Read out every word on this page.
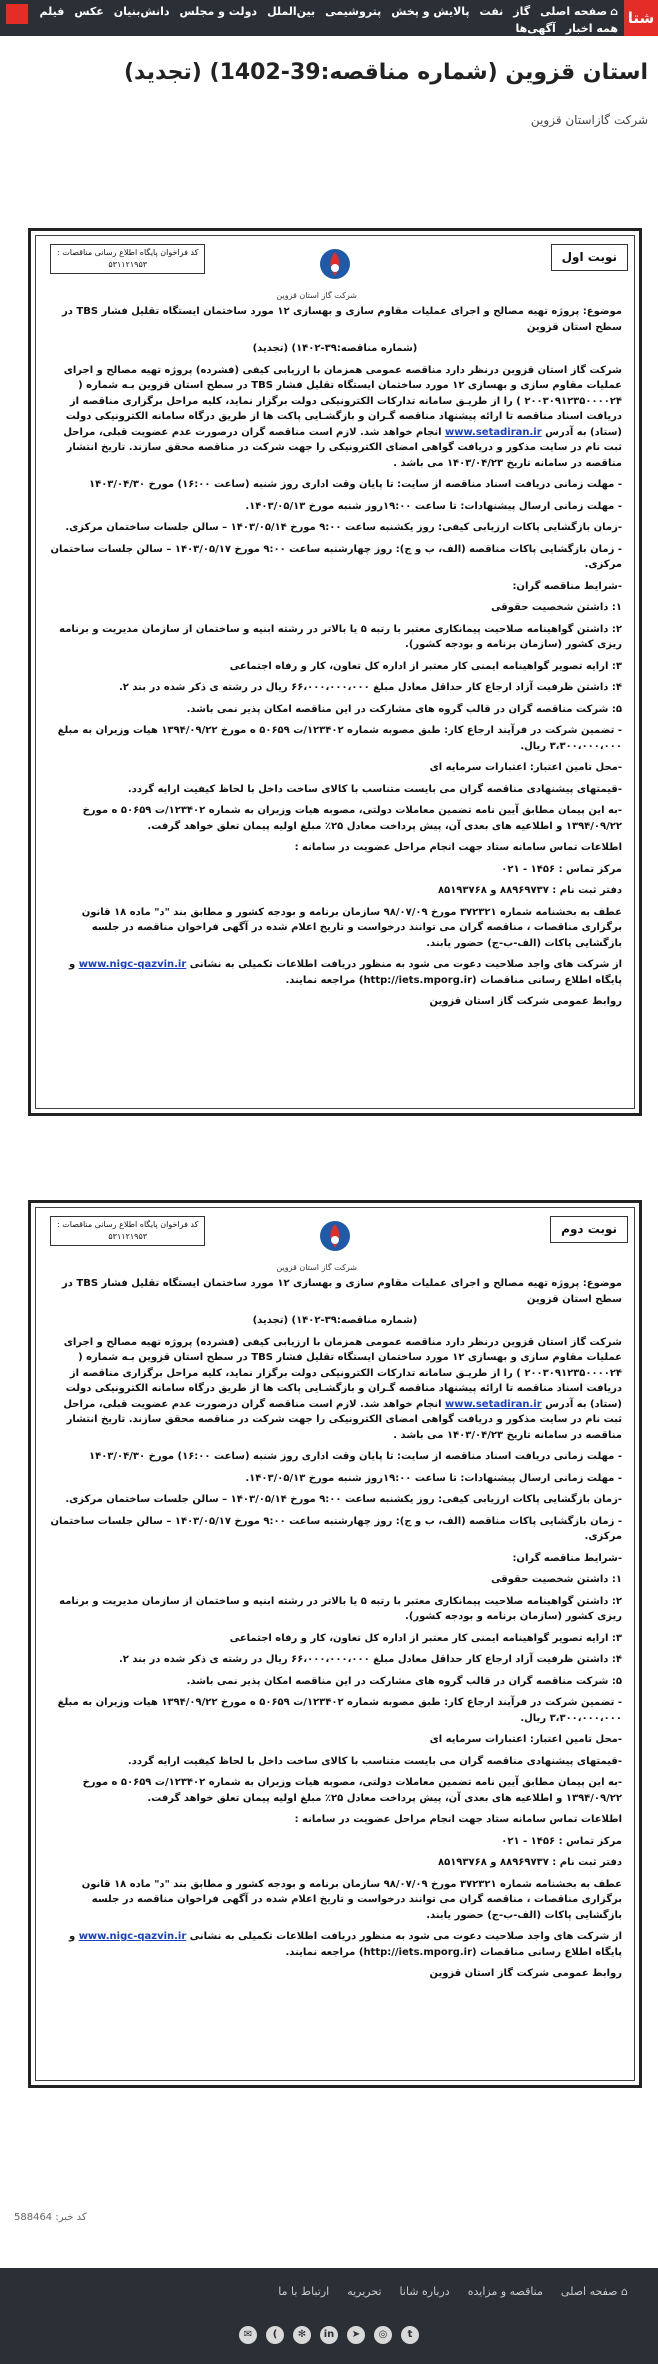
شتا
⌂
صفحه اصلی
گاز
نفت
پالایش و پخش
پتروشیمی
بین‌الملل
دولت و مجلس
دانش‌بنیان
عکس
فیلم
همه اخبار
آگهی‌ها
استان قزوین (شماره مناقصه:39-1402) (تجدید)
شرکت گازاستان قزوین
نوبت اول
کد فراخوان پایگاه اطلاع رسانی مناقصات :
۵۳۱۱۲۱۹۵۳
شرکت گاز استان قزوین

موضوع: پروژه تهیه مصالح و اجرای عملیات مقاوم سازی و بهسازی ۱۲ مورد ساختمان ایستگاه تقلیل فشار TBS در سطح استان قزوین

(شماره مناقصه:۳۹-۱۴۰۲) (تجدید)

شرکت گاز استان قزوین درنظر دارد مناقصه عمومی همزمان با ارزیابی کیفی (فشرده) پروژه تهیه مصالح و اجرای عملیات مقاوم سازی و بهسازی ۱۲ مورد ساختمان ایستگاه تقلیل فشار TBS در سطح استان قزوین بـه شماره ( ۲۰۰۳۰۹۱۲۳۵۰۰۰۰۲۴ ) را از طریـق سامانه تدارکات الکترونیکی دولت برگزار نماید، کلیه مراحل برگزاری مناقصه از دریافت اسناد مناقصه تا ارائه پیشنهاد مناقصه گـران و بازگشـایی پاکت ها از طریق درگاه سامانه الکترونیکی دولت (ستاد) به آدرس www.setadiran.ir انجام خواهد شد. لازم است مناقصه گران درصورت عدم عضویت قبلی، مراحل ثبت نام در سایت مذکور و دریافت گواهی امضای الکترونیکی را جهت شرکت در مناقصه محقق سازند. تاریخ انتشار مناقصه در سامانه تاریخ ۱۴۰۳/۰۴/۲۳ می باشد .

- مهلت زمانی دریافت اسناد مناقصه از سایت: تا پایان وقت اداری روز شنبه (ساعت ۱۶:۰۰) مورخ ۱۴۰۳/۰۴/۳۰

- مهلت زمانی ارسال پیشنهادات: تا ساعت ۱۹:۰۰روز شنبه مورخ ۱۴۰۳/۰۵/۱۳.

-زمان بازگشایی پاکات ارزیابی کیفی: روز یکشنبه ساعت ۹:۰۰ مورخ ۱۴۰۳/۰۵/۱۴ – سالن جلسات ساختمان مرکزی.

- زمان بازگشایی پاکات مناقصه (الف، ب و ج): روز چهارشنبه ساعت ۹:۰۰ مورخ ۱۴۰۳/۰۵/۱۷ – سالن جلسات ساختمان مرکزی.

-شرایط مناقصه گران:

۱: داشتن شخصیت حقوقی

۲: داشتن گواهینامه صلاحیت پیمانکاری معتبر با رتبه ۵ یا بالاتر در رشته ابنیه و ساختمان از سازمان مدیریت و برنامه ریزی کشور (سازمان برنامه و بودجه کشور).

۳: ارایه تصویر گواهینامه ایمنی کار معتبر از اداره کل تعاون، کار و رفاه اجتماعی

۴: داشتن ظرفیت آزاد ارجاع کار حداقل معادل مبلغ ۶۶،۰۰۰،۰۰۰،۰۰۰ ریال در رشته ی ذکر شده در بند ۲.

۵: شرکت مناقصه گران در قالب گروه های مشارکت در این مناقصه امکان پذیر نمی باشد.

- تضمین شرکت در فرآیند ارجاع کار: طبق مصوبه شماره ۱۲۳۴۰۲/ت ۵۰۶۵۹ ه مورخ ۱۳۹۴/۰۹/۲۲ هیات وزیران به مبلغ ۳،۳۰۰،۰۰۰،۰۰۰ ریال.

-محل تامین اعتبار: اعتبارات سرمایه ای

-قیمتهای پیشنهادی مناقصه گران می بایست متناسب با کالای ساخت داخل با لحاظ کیفیت ارایه گردد.

-به این پیمان مطابق آیین نامه تضمین معاملات دولتی، مصوبه هیات وزیران به شماره ۱۲۳۴۰۲/ت ۵۰۶۵۹ ه مورخ ۱۳۹۴/۰۹/۲۲ و اطلاعیه های بعدی آن، پیش پرداخت معادل ۲۵٪ مبلغ اولیه پیمان تعلق خواهد گرفت.

اطلاعات تماس سامانه ستاد جهت انجام مراحل عضویت در سامانه :

مرکز تماس : ۱۴۵۶ - ۰۲۱

دفتر ثبت نام : ۸۸۹۶۹۷۳۷ و ۸۵۱۹۳۷۶۸

عطف به بخشنامه شماره ۳۷۲۳۲۱ مورخ ۹۸/۰۷/۰۹ سازمان برنامه و بودجه کشور و مطابق بند "د" ماده ۱۸ قانون برگزاری مناقصات ، مناقصه گران می توانند درخواست و تاریخ اعلام شده در آگهی فراخوان مناقصه در جلسه بازگشایی پاکات (الف-ب-ج) حضور یابند.

از شرکت های واجد صلاحیت دعوت می شود به منظور دریافت اطلاعات تکمیلی به نشانی www.nigc-qazvin.ir و پایگاه اطلاع رسانی مناقصات (http://iets.mporg.ir) مراجعه نمایند.

روابط عمومی شرکت گاز استان قزوین

نوبت دوم
کد فراخوان پایگاه اطلاع رسانی مناقصات :
۵۳۱۱۲۱۹۵۳
شرکت گاز استان قزوین

موضوع: پروژه تهیه مصالح و اجرای عملیات مقاوم سازی و بهسازی ۱۲ مورد ساختمان ایستگاه تقلیل فشار TBS در سطح استان قزوین

(شماره مناقصه:۳۹-۱۴۰۲) (تجدید)

شرکت گاز استان قزوین درنظر دارد مناقصه عمومی همزمان با ارزیابی کیفی (فشرده) پروژه تهیه مصالح و اجرای عملیات مقاوم سازی و بهسازی ۱۲ مورد ساختمان ایستگاه تقلیل فشار TBS در سطح استان قزوین بـه شماره ( ۲۰۰۳۰۹۱۲۳۵۰۰۰۰۲۴ ) را از طریـق سامانه تدارکات الکترونیکی دولت برگزار نماید، کلیه مراحل برگزاری مناقصه از دریافت اسناد مناقصه تا ارائه پیشنهاد مناقصه گـران و بازگشـایی پاکت ها از طریق درگاه سامانه الکترونیکی دولت (ستاد) به آدرس www.setadiran.ir انجام خواهد شد. لازم است مناقصه گران درصورت عدم عضویت قبلی، مراحل ثبت نام در سایت مذکور و دریافت گواهی امضای الکترونیکی را جهت شرکت در مناقصه محقق سازند. تاریخ انتشار مناقصه در سامانه تاریخ ۱۴۰۳/۰۴/۲۳ می باشد .

- مهلت زمانی دریافت اسناد مناقصه از سایت: تا پایان وقت اداری روز شنبه (ساعت ۱۶:۰۰) مورخ ۱۴۰۳/۰۴/۳۰

- مهلت زمانی ارسال پیشنهادات: تا ساعت ۱۹:۰۰روز شنبه مورخ ۱۴۰۳/۰۵/۱۳.

-زمان بازگشایی پاکات ارزیابی کیفی: روز یکشنبه ساعت ۹:۰۰ مورخ ۱۴۰۳/۰۵/۱۴ – سالن جلسات ساختمان مرکزی.

- زمان بازگشایی پاکات مناقصه (الف، ب و ج): روز چهارشنبه ساعت ۹:۰۰ مورخ ۱۴۰۳/۰۵/۱۷ – سالن جلسات ساختمان مرکزی.

-شرایط مناقصه گران:

۱: داشتن شخصیت حقوقی

۲: داشتن گواهینامه صلاحیت پیمانکاری معتبر با رتبه ۵ یا بالاتر در رشته ابنیه و ساختمان از سازمان مدیریت و برنامه ریزی کشور (سازمان برنامه و بودجه کشور).

۳: ارایه تصویر گواهینامه ایمنی کار معتبر از اداره کل تعاون، کار و رفاه اجتماعی

۴: داشتن ظرفیت آزاد ارجاع کار حداقل معادل مبلغ ۶۶،۰۰۰،۰۰۰،۰۰۰ ریال در رشته ی ذکر شده در بند ۲.

۵: شرکت مناقصه گران در قالب گروه های مشارکت در این مناقصه امکان پذیر نمی باشد.

- تضمین شرکت در فرآیند ارجاع کار: طبق مصوبه شماره ۱۲۳۴۰۲/ت ۵۰۶۵۹ ه مورخ ۱۳۹۴/۰۹/۲۲ هیات وزیران به مبلغ ۳،۳۰۰،۰۰۰،۰۰۰ ریال.

-محل تامین اعتبار: اعتبارات سرمایه ای

-قیمتهای پیشنهادی مناقصه گران می بایست متناسب با کالای ساخت داخل با لحاظ کیفیت ارایه گردد.

-به این پیمان مطابق آیین نامه تضمین معاملات دولتی، مصوبه هیات وزیران به شماره ۱۲۳۴۰۲/ت ۵۰۶۵۹ ه مورخ ۱۳۹۴/۰۹/۲۲ و اطلاعیه های بعدی آن، پیش پرداخت معادل ۲۵٪ مبلغ اولیه پیمان تعلق خواهد گرفت.

اطلاعات تماس سامانه ستاد جهت انجام مراحل عضویت در سامانه :

مرکز تماس : ۱۴۵۶ - ۰۲۱

دفتر ثبت نام : ۸۸۹۶۹۷۳۷ و ۸۵۱۹۳۷۶۸

عطف به بخشنامه شماره ۳۷۲۳۲۱ مورخ ۹۸/۰۷/۰۹ سازمان برنامه و بودجه کشور و مطابق بند "د" ماده ۱۸ قانون برگزاری مناقصات ، مناقصه گران می توانند درخواست و تاریخ اعلام شده در آگهی فراخوان مناقصه در جلسه بازگشایی پاکات (الف-ب-ج) حضور یابند.

از شرکت های واجد صلاحیت دعوت می شود به منظور دریافت اطلاعات تکمیلی به نشانی www.nigc-qazvin.ir و پایگاه اطلاع رسانی مناقصات (http://iets.mporg.ir) مراجعه نمایند.

روابط عمومی شرکت گاز استان قزوین

کد خبر: 588464
⌂ صفحه اصلی
مناقصه و مزایده
درباره شانا
تحریریه
ارتباط با ما
t
◎
➤
in
✻
)
✉
